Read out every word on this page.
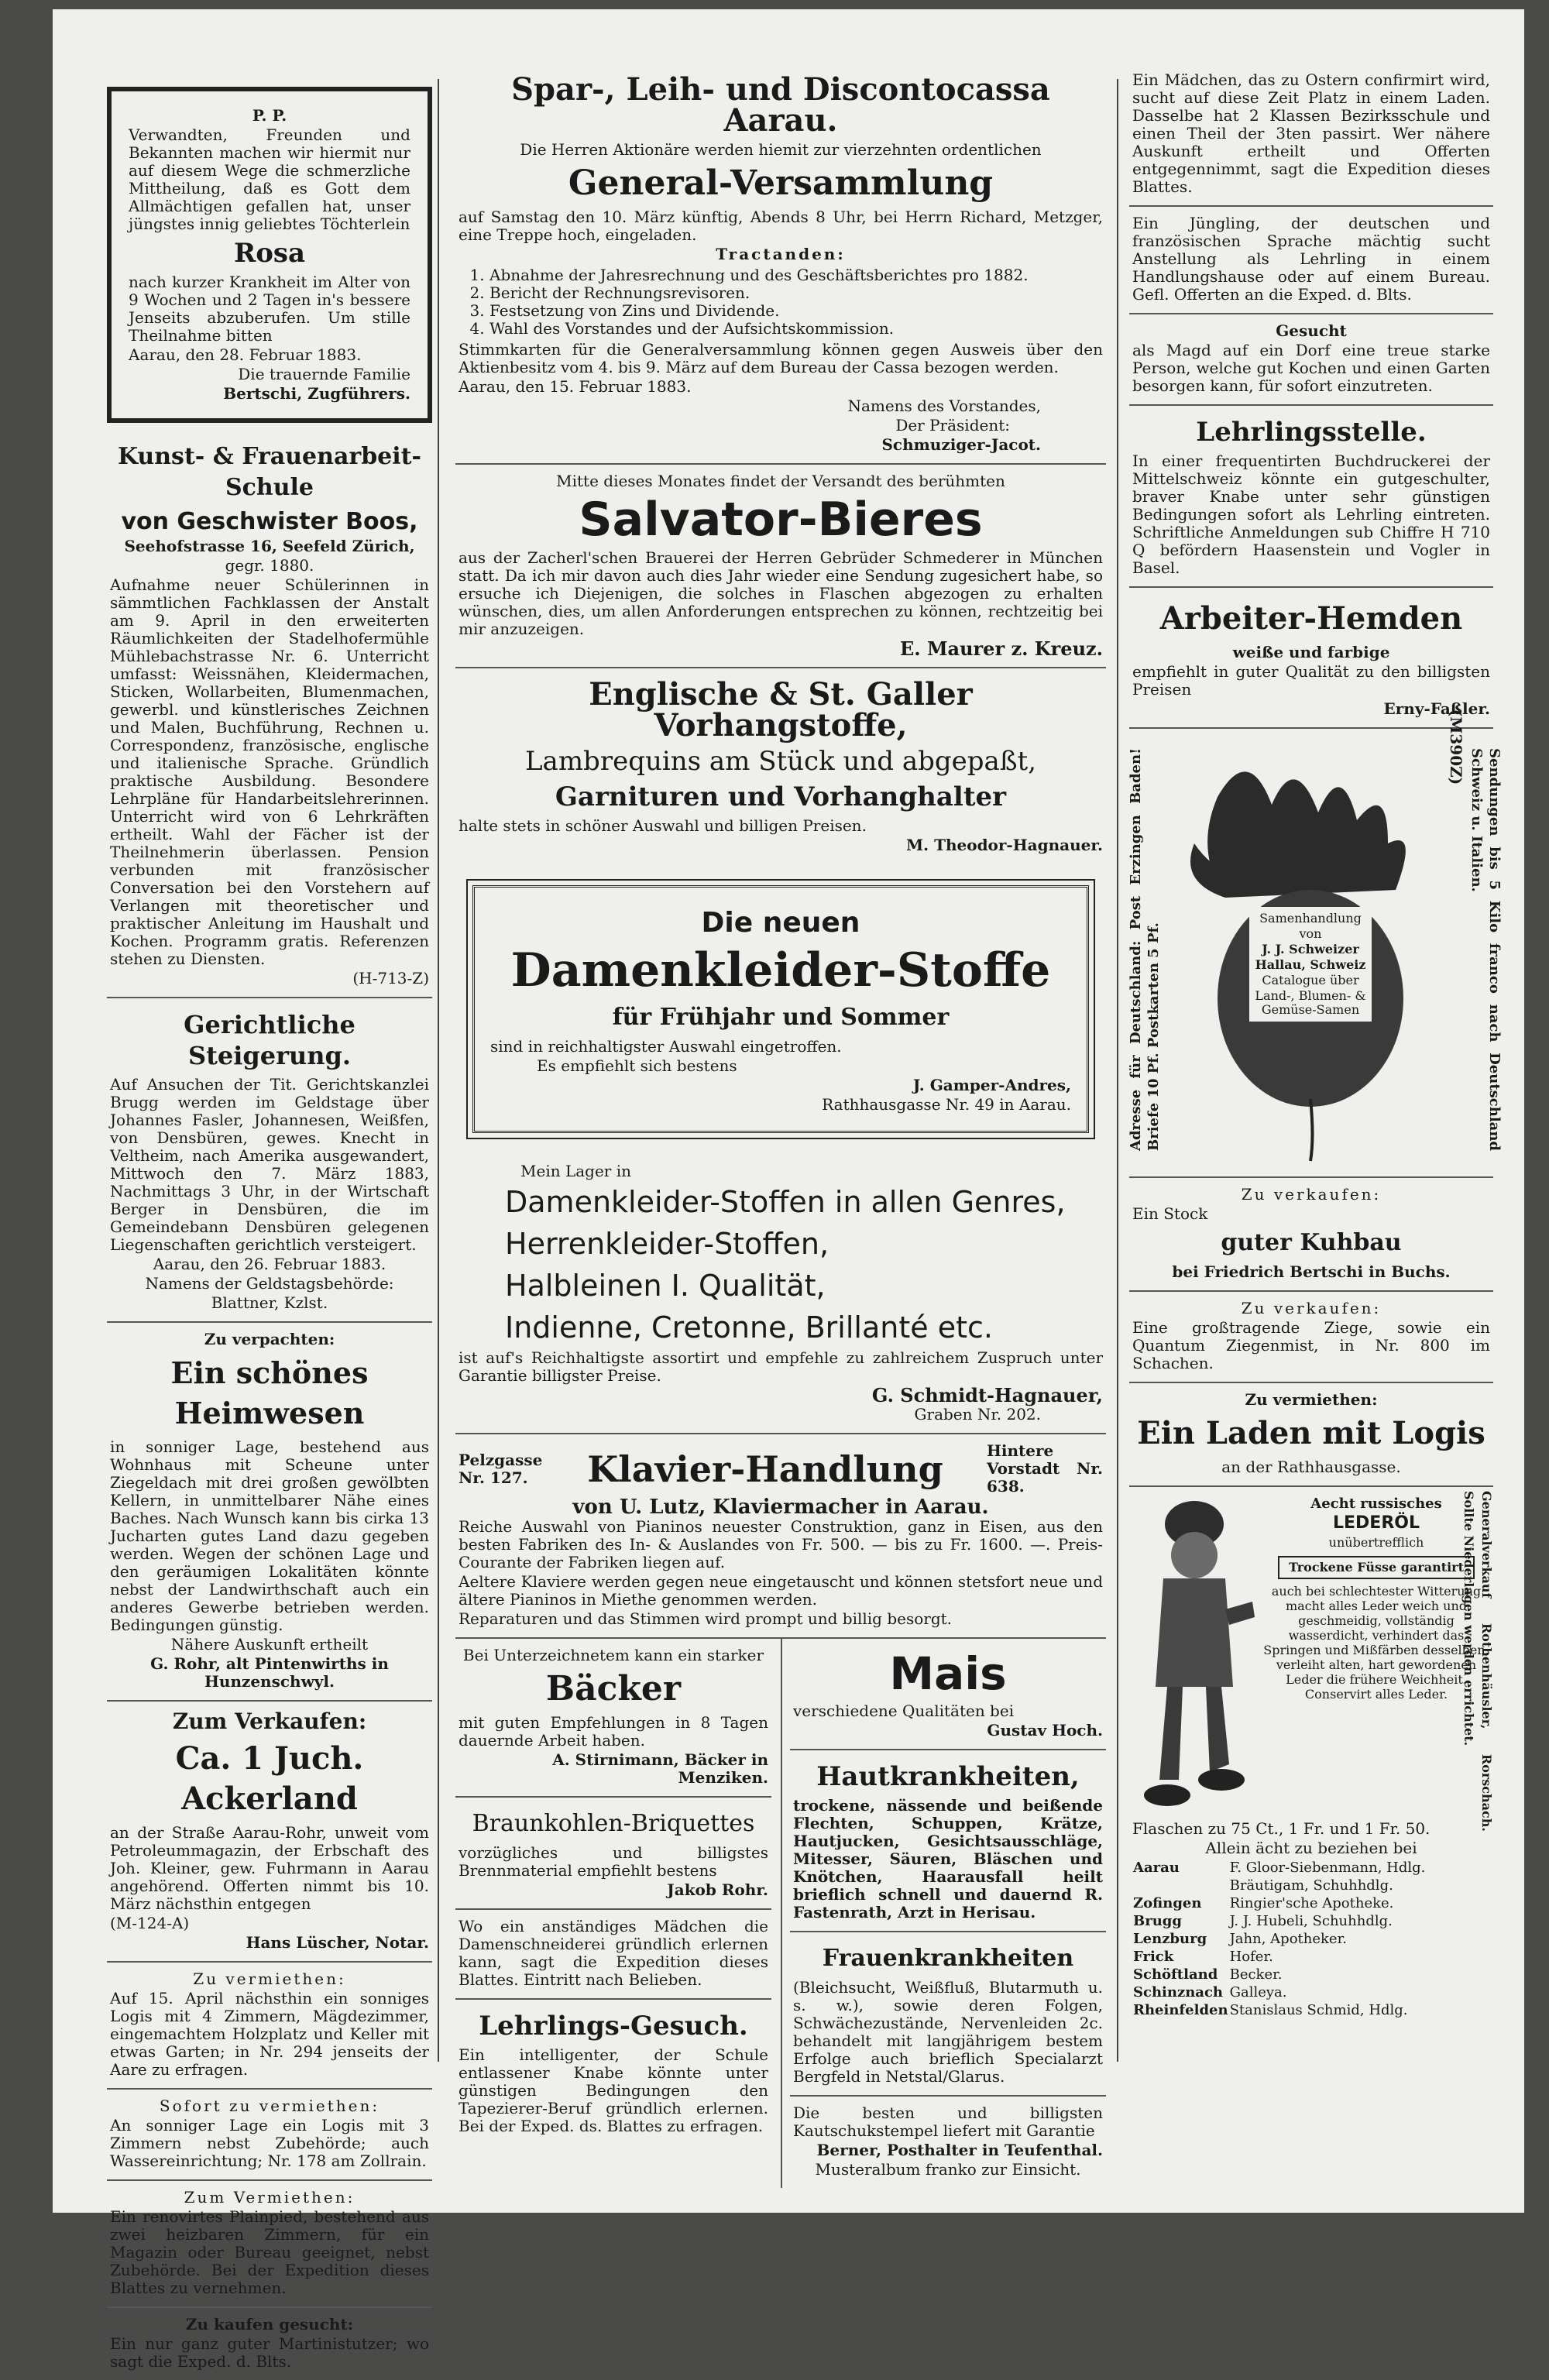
P. P.

Verwandten, Freunden und Bekannten machen wir hiermit nur auf diesem Wege die schmerzliche Mittheilung, daß es Gott dem Allmächtigen gefallen hat, unser jüngstes innig geliebtes Töchterlein

Rosa

nach kurzer Krankheit im Alter von 9 Wochen und 2 Tagen in's bessere Jenseits abzuberufen. Um stille Theilnahme bitten

Aarau, den 28. Februar 1883.

Die trauernde Familie

Bertschi, Zugführers.

Kunst- & Frauenarbeit-Schule

von Geschwister Boos,

Seehofstrasse 16, Seefeld Zürich,

gegr. 1880.

Aufnahme neuer Schülerinnen in sämmtlichen Fachklassen der Anstalt am 9. April in den erweiterten Räumlichkeiten der Stadelhofermühle Mühlebachstrasse Nr. 6. Unterricht umfasst: Weissnähen, Kleidermachen, Sticken, Wollarbeiten, Blumenmachen, gewerbl. und künstlerisches Zeichnen und Malen, Buchführung, Rechnen u. Correspondenz, französische, englische und italienische Sprache. Gründlich praktische Ausbildung. Besondere Lehrpläne für Handarbeitslehrerinnen. Unterricht wird von 6 Lehrkräften ertheilt. Wahl der Fächer ist der Theilnehmerin überlassen. Pension verbunden mit französischer Conversation bei den Vorstehern auf Verlangen mit theoretischer und praktischer Anleitung im Haushalt und Kochen. Programm gratis. Referenzen stehen zu Diensten.

(H-713-Z)

Gerichtliche Steigerung.

Auf Ansuchen der Tit. Gerichtskanzlei Brugg werden im Geldstage über Johannes Fasler, Johannesen, Weißfen, von Densbüren, gewes. Knecht in Veltheim, nach Amerika ausgewandert, Mittwoch den 7. März 1883, Nachmittags 3 Uhr, in der Wirtschaft Berger in Densbüren, die im Gemeindebann Densbüren gelegenen Liegenschaften gerichtlich versteigert.

Aarau, den 26. Februar 1883.

Namens der Geldstagsbehörde:

Blattner, Kzlst.

Zu verpachten:

Ein schönes Heimwesen

in sonniger Lage, bestehend aus Wohnhaus mit Scheune unter Ziegeldach mit drei großen gewölbten Kellern, in unmittelbarer Nähe eines Baches. Nach Wunsch kann bis cirka 13 Jucharten gutes Land dazu gegeben werden. Wegen der schönen Lage und den geräumigen Lokalitäten könnte nebst der Landwirthschaft auch ein anderes Gewerbe betrieben werden. Bedingungen günstig.

Nähere Auskunft ertheilt

G. Rohr, alt Pintenwirths in Hunzenschwyl.

Zum Verkaufen:

Ca. 1 Juch. Ackerland

an der Straße Aarau-Rohr, unweit vom Petroleummagazin, der Erbschaft des Joh. Kleiner, gew. Fuhrmann in Aarau angehörend. Offerten nimmt bis 10. März nächsthin entgegen

(M-124-A)

Hans Lüscher, Notar.

Zu vermiethen:

Auf 15. April nächsthin ein sonniges Logis mit 4 Zimmern, Mägdezimmer, eingemachtem Holzplatz und Keller mit etwas Garten; in Nr. 294 jenseits der Aare zu erfragen.

Sofort zu vermiethen:

An sonniger Lage ein Logis mit 3 Zimmern nebst Zubehörde; auch Wassereinrichtung; Nr. 178 am Zollrain.

Zum Vermiethen:

Ein renovirtes Plainpied, bestehend aus zwei heizbaren Zimmern, für ein Magazin oder Bureau geeignet, nebst Zubehörde. Bei der Expedition dieses Blattes zu vernehmen.

Zu kaufen gesucht:

Ein nur ganz guter Martinistutzer; wo sagt die Exped. d. Blts.

Spar-, Leih- und Discontocassa Aarau.

Die Herren Aktionäre werden hiemit zur vierzehnten ordentlichen

General-Versammlung

auf Samstag den 10. März künftig, Abends 8 Uhr, bei Herrn Richard, Metzger, eine Treppe hoch, eingeladen.

Tractanden:

1. Abnahme der Jahresrechnung und des Geschäftsberichtes pro 1882.
2. Bericht der Rechnungsrevisoren.
3. Festsetzung von Zins und Dividende.
4. Wahl des Vorstandes und der Aufsichtskommission.

Stimmkarten für die Generalversammlung können gegen Ausweis über den Aktienbesitz vom 4. bis 9. März auf dem Bureau der Cassa bezogen werden.

Aarau, den 15. Februar 1883.

Namens des Vorstandes,

Der Präsident:

Schmuziger-Jacot.

Mitte dieses Monates findet der Versandt des berühmten

Salvator-Bieres

aus der Zacherl'schen Brauerei der Herren Gebrüder Schmederer in München statt. Da ich mir davon auch dies Jahr wieder eine Sendung zugesichert habe, so ersuche ich Diejenigen, die solches in Flaschen abgezogen zu erhalten wünschen, dies, um allen Anforderungen entsprechen zu können, rechtzeitig bei mir anzuzeigen.

E. Maurer z. Kreuz.

Englische & St. Galler Vorhangstoffe,

Lambrequins am Stück und abgepaßt,

Garnituren und Vorhanghalter

halte stets in schöner Auswahl und billigen Preisen.

M. Theodor-Hagnauer.

Die neuen

Damenkleider-Stoffe

für Frühjahr und Sommer

sind in reichhaltigster Auswahl eingetroffen.

Es empfiehlt sich bestens

J. Gamper-Andres,

Rathhausgasse Nr. 49 in Aarau.

Mein Lager in

Damenkleider-Stoffen in allen Genres,

Herrenkleider-Stoffen,

Halbleinen I. Qualität,

Indienne, Cretonne, Brillanté etc.

ist auf's Reichhaltigste assortirt und empfehle zu zahlreichem Zuspruch unter Garantie billigster Preise.

G. Schmidt-Hagnauer,

Graben Nr. 202.

Pelzgasse Nr. 127.	Klavier-Handlung	Hintere Vorstadt Nr. 638.

von U. Lutz, Klaviermacher in Aarau.

Reiche Auswahl von Pianinos neuester Construktion, ganz in Eisen, aus den besten Fabriken des In- & Auslandes von Fr. 500. — bis zu Fr. 1600. —. Preis-Courante der Fabriken liegen auf.

Aeltere Klaviere werden gegen neue eingetauscht und können stetsfort neue und ältere Pianinos in Miethe genommen werden.

Reparaturen und das Stimmen wird prompt und billig besorgt.

Bei Unterzeichnetem kann ein starker

Bäcker

mit guten Empfehlungen in 8 Tagen dauernde Arbeit haben.

A. Stirnimann, Bäcker in Menziken.

Braunkohlen-Briquettes

vorzügliches und billigstes Brennmaterial empfiehlt bestens

Jakob Rohr.

Wo ein anständiges Mädchen die Damenschneiderei gründlich erlernen kann, sagt die Expedition dieses Blattes. Eintritt nach Belieben.

Lehrlings-Gesuch.

Ein intelligenter, der Schule entlassener Knabe könnte unter günstigen Bedingungen den Tapezierer-Beruf gründlich erlernen. Bei der Exped. ds. Blattes zu erfragen.

Mais

verschiedene Qualitäten bei

Gustav Hoch.

Hautkrankheiten,

trockene, nässende und beißende Flechten, Schuppen, Krätze, Hautjucken, Gesichtsausschläge, Mitesser, Säuren, Bläschen und Knötchen, Haarausfall heilt brieflich schnell und dauernd R. Fastenrath, Arzt in Herisau.

Frauenkrankheiten

(Bleichsucht, Weißfluß, Blutarmuth u. s. w.), sowie deren Folgen, Schwächezustände, Nervenleiden 2c. behandelt mit langjährigem bestem Erfolge auch brieflich Specialarzt Bergfeld in Netstal/Glarus.

Die besten und billigsten Kautschukstempel liefert mit Garantie

Berner, Posthalter in Teufenthal.

Musteralbum franko zur Einsicht.

Ein Mädchen, das zu Ostern confirmirt wird, sucht auf diese Zeit Platz in einem Laden. Dasselbe hat 2 Klassen Bezirksschule und einen Theil der 3ten passirt. Wer nähere Auskunft ertheilt und Offerten entgegennimmt, sagt die Expedition dieses Blattes.

Ein Jüngling, der deutschen und französischen Sprache mächtig sucht Anstellung als Lehrling in einem Handlungshause oder auf einem Bureau. Gefl. Offerten an die Exped. d. Blts.

Gesucht

als Magd auf ein Dorf eine treue starke Person, welche gut Kochen und einen Garten besorgen kann, für sofort einzutreten.

Lehrlingsstelle.

In einer frequentirten Buchdruckerei der Mittelschweiz könnte ein gutgeschulter, braver Knabe unter sehr günstigen Bedingungen sofort als Lehrling eintreten. Schriftliche Anmeldungen sub Chiffre H 710 Q befördern Haasenstein und Vogler in Basel.

Arbeiter-Hemden

weiße und farbige

empfiehlt in guter Qualität zu den billigsten Preisen

Erny-Faßler.

Samenhandlung

von

J. J. Schweizer

Hallau, Schweiz

Catalogue über

Land-, Blumen- & Gemüse-Samen	Sendungen bis 5 Kilo franco nach Deutschland Schweiz u. Italien.

Adresse für Deutschland: Post Erzingen Baden! Briefe 10 Pf. Postkarten 5 Pf.

(M390Z)

Zu verkaufen:

Ein Stock

guter Kuhbau

bei Friedrich Bertschi in Buchs.

Zu verkaufen:

Eine großtragende Ziege, sowie ein Quantum Ziegenmist, in Nr. 800 im Schachen.

Zu vermiethen:

Ein Laden mit Logis

an der Rathhausgasse.

Aecht russisches

LEDERÖL

unübertrefflich

Trockene Füsse garantirt

auch bei schlechtester Witterung macht alles Leder weich und geschmeidig, vollständig wasserdicht, verhindert das Springen und Mißfärben desselben, verleiht alten, hart gewordenen Leder die frühere Weichheit. Conservirt alles Leder.

Flaschen zu 75 Ct., 1 Fr. und 1 Fr. 50.

Allein ächt zu beziehen bei

Aarau	F. Gloor-Siebenmann, Hdlg.
	Bräutigam, Schuhhdlg.
Zofingen	Ringier'sche Apotheke.
Brugg	J. J. Hubeli, Schuhhdlg.
Lenzburg	Jahn, Apotheker.
Frick	Hofer.
Schöftland	Becker.
Schinznach	Galleya.
Rheinfelden	Stanislaus Schmid, Hdlg.

Generalverkauf Rothenhäusler, Rorschach. Sollte Niederlagen werden errichtet.
